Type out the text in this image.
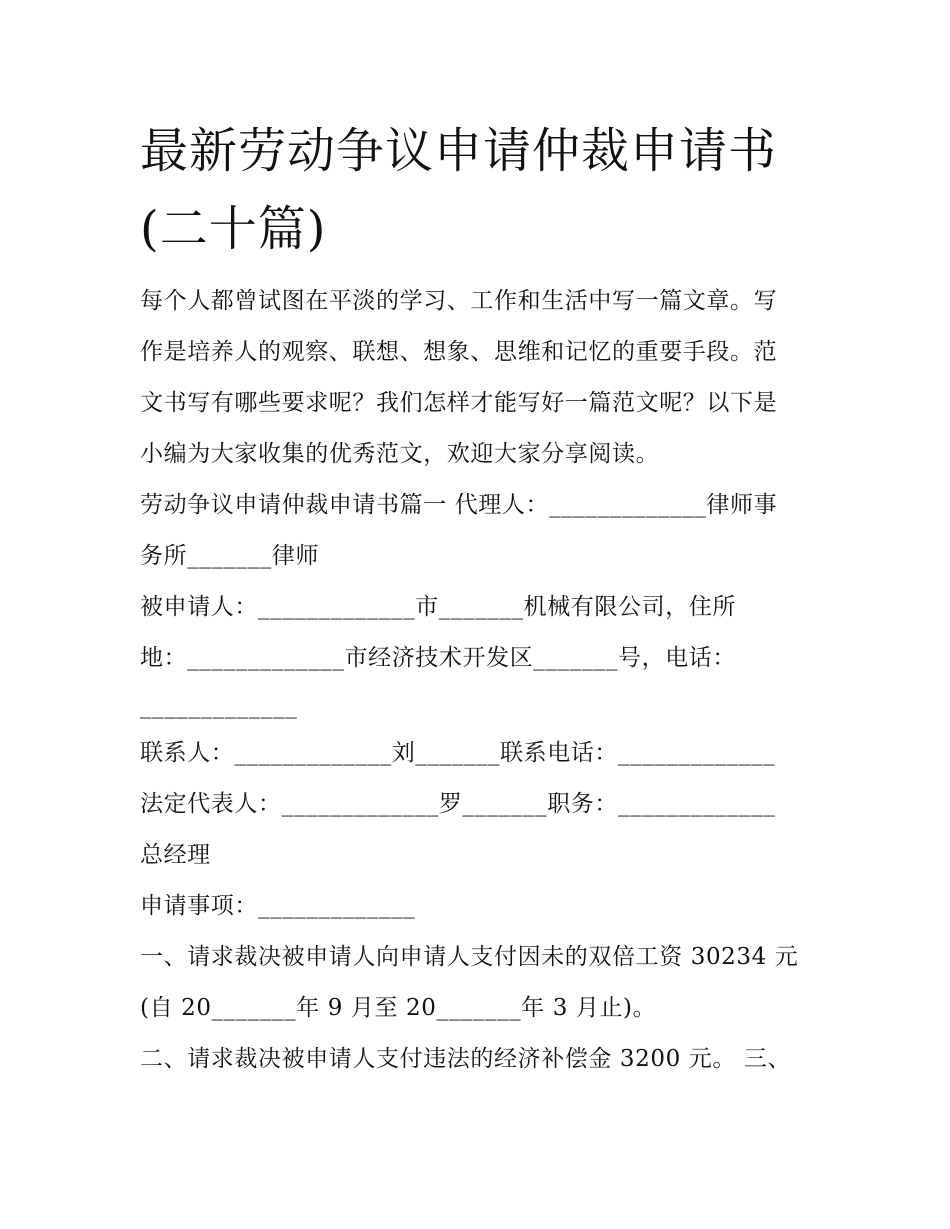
最新劳动争议申请仲裁申请书(二十篇)
每个人都曾试图在平淡的学习、工作和生活中写一篇文章。写
作是培养人的观察、联想、想象、思维和记忆的重要手段。范
文书写有哪些要求呢？我们怎样才能写好一篇范文呢？以下是
小编为大家收集的优秀范文，欢迎大家分享阅读。
劳动争议申请仲裁申请书篇一 代理人：_____________律师事
务所_______律师
被申请人：_____________市_______机械有限公司，住所
地：_____________市经济技术开发区_______号，电话：
_____________
联系人：_____________刘_______联系电话：_____________
法定代表人：_____________罗_______职务：_____________
总经理
申请事项：_____________
一、请求裁决被申请人向申请人支付因未的双倍工资 30234 元
(自 20_______年 9 月至 20_______年 3 月止)。
二、请求裁决被申请人支付违法的经济补偿金 3200 元。 三、
